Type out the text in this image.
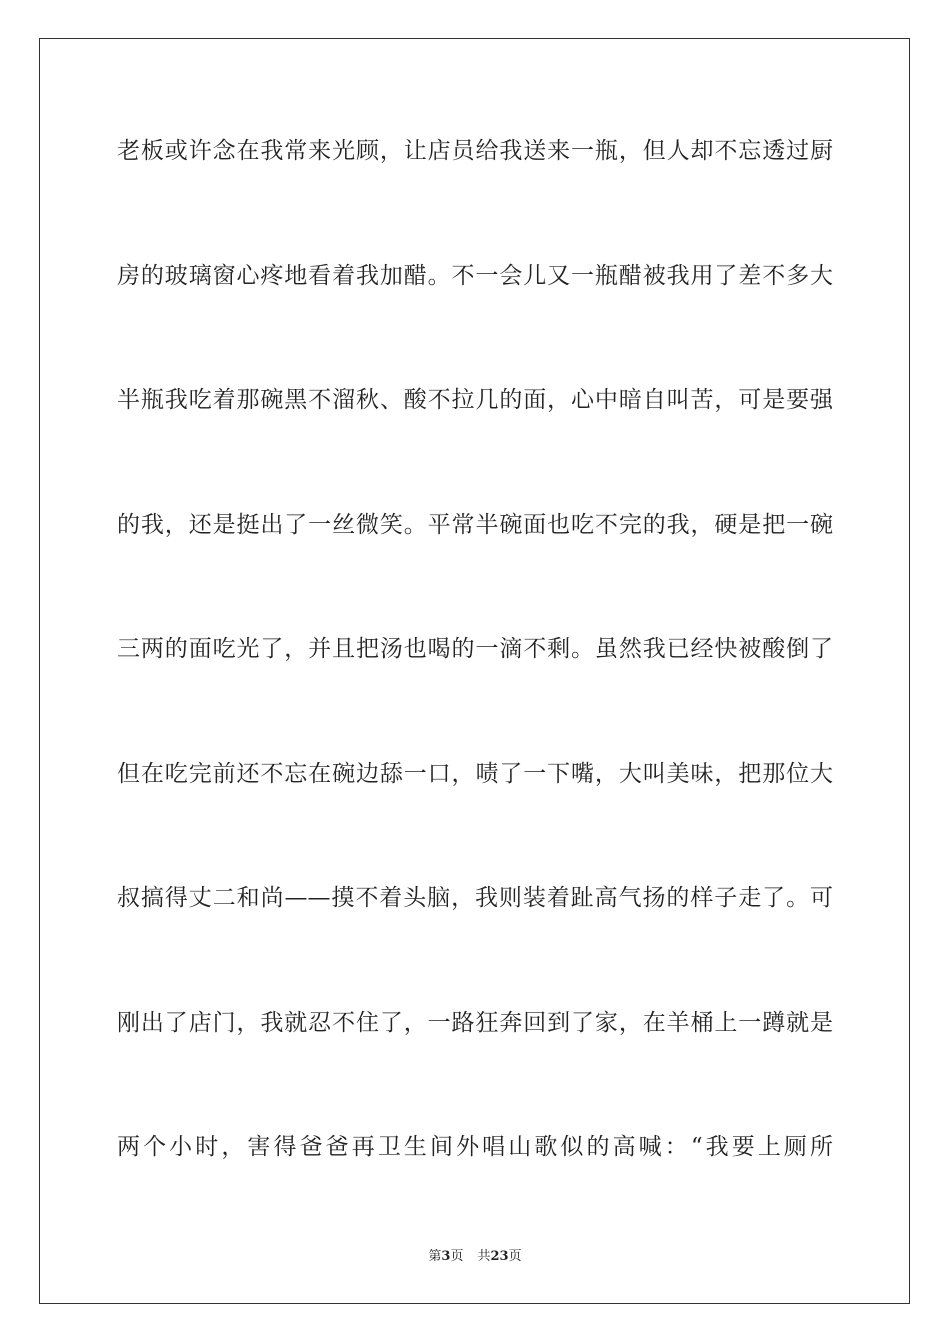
老板或许念在我常来光顾，让店员给我送来一瓶，但人却不忘透过厨
房的玻璃窗心疼地看着我加醋。不一会儿又一瓶醋被我用了差不多大
半瓶我吃着那碗黑不溜秋、酸不拉几的面，心中暗自叫苦，可是要强
的我，还是挺出了一丝微笑。平常半碗面也吃不完的我，硬是把一碗
三两的面吃光了，并且把汤也喝的一滴不剩。虽然我已经快被酸倒了
但在吃完前还不忘在碗边舔一口，啧了一下嘴，大叫美味，把那位大
叔搞得丈二和尚——摸不着头脑，我则装着趾高气扬的样子走了。可
刚出了店门，我就忍不住了，一路狂奔回到了家，在羊桶上一蹲就是
两个小时，害得爸爸再卫生间外唱山歌似的高喊：“我要上厕所
第3页 共23页
